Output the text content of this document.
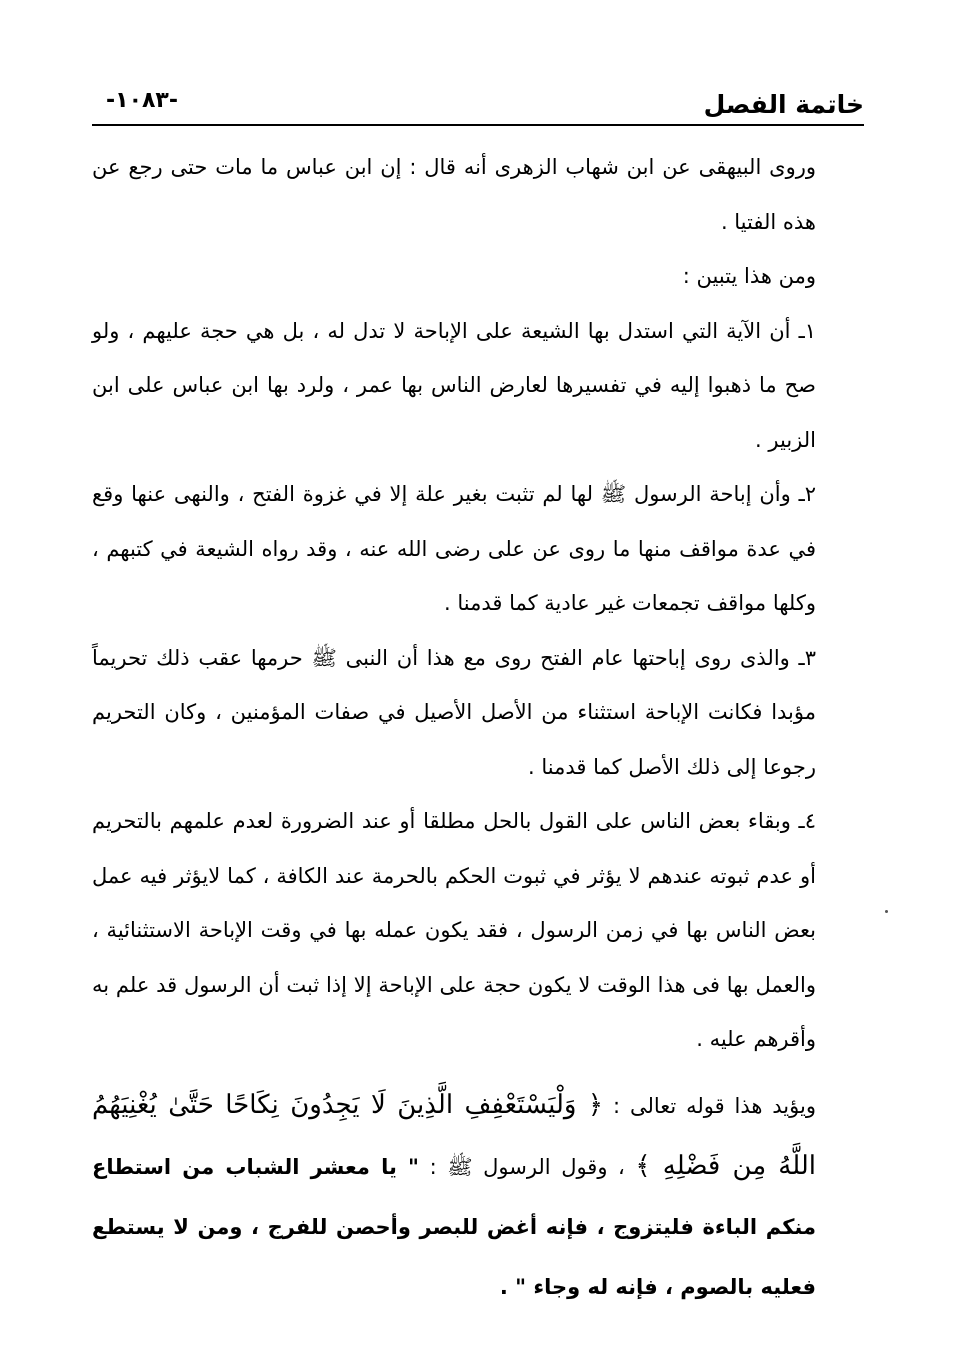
خاتمة الفصل
-١٠٨٣-

وروى البيهقى عن ابن شهاب الزهرى أنه قال : إن ابن عباس ما مات حتى رجع عن هذه الفتيا .

ومن هذا يتبين :

١ـ أن الآية التي استدل بها الشيعة على الإباحة لا تدل له ، بل هي حجة عليهم ، ولو صح ما ذهبوا إليه في تفسيرها لعارض الناس بها عمر ، ولرد بها ابن عباس على ابن الزبير .

٢ـ وأن إباحة الرسول ﷺ لها لم تثبت بغير علة إلا في غزوة الفتح ، والنهى عنها وقع في عدة مواقف منها ما روى عن على رضى الله عنه ، وقد رواه الشيعة في كتبهم ، وكلها مواقف تجمعات غير عادية كما قدمنا .

٣ـ والذى روى إباحتها عام الفتح روى مع هذا أن النبى ﷺ حرمها عقب ذلك تحريماً مؤبدا فكانت الإباحة استثناء من الأصل الأصيل في صفات المؤمنين ، وكان التحريم رجوعا إلى ذلك الأصل كما قدمنا .

٤ـ وبقاء بعض الناس على القول بالحل مطلقا أو عند الضرورة لعدم علمهم بالتحريم أو عدم ثبوته عندهم لا يؤثر في ثبوت الحكم بالحرمة عند الكافة ، كما لايؤثر فيه عمل بعض الناس بها في زمن الرسول ، فقد يكون عمله بها في وقت الإباحة الاستثنائية ، والعمل بها فى هذا الوقت لا يكون حجة على الإباحة إلا إذا ثبت أن الرسول قد علم به وأقرهم عليه .

ويؤيد هذا قوله تعالى : ﴿ وَلْيَسْتَعْفِفِ الَّذِينَ لَا يَجِدُونَ نِكَاحًا حَتَّىٰ يُغْنِيَهُمُ اللَّهُ مِن فَضْلِهِ ﴾ ، وقول الرسول ﷺ : " يا معشر الشباب من استطاع منكم الباءة فليتزوج ، فإنه أغض للبصر وأحصن للفرج ، ومن لا يستطع فعليه بالصوم ، فإنه له وجاء " .
